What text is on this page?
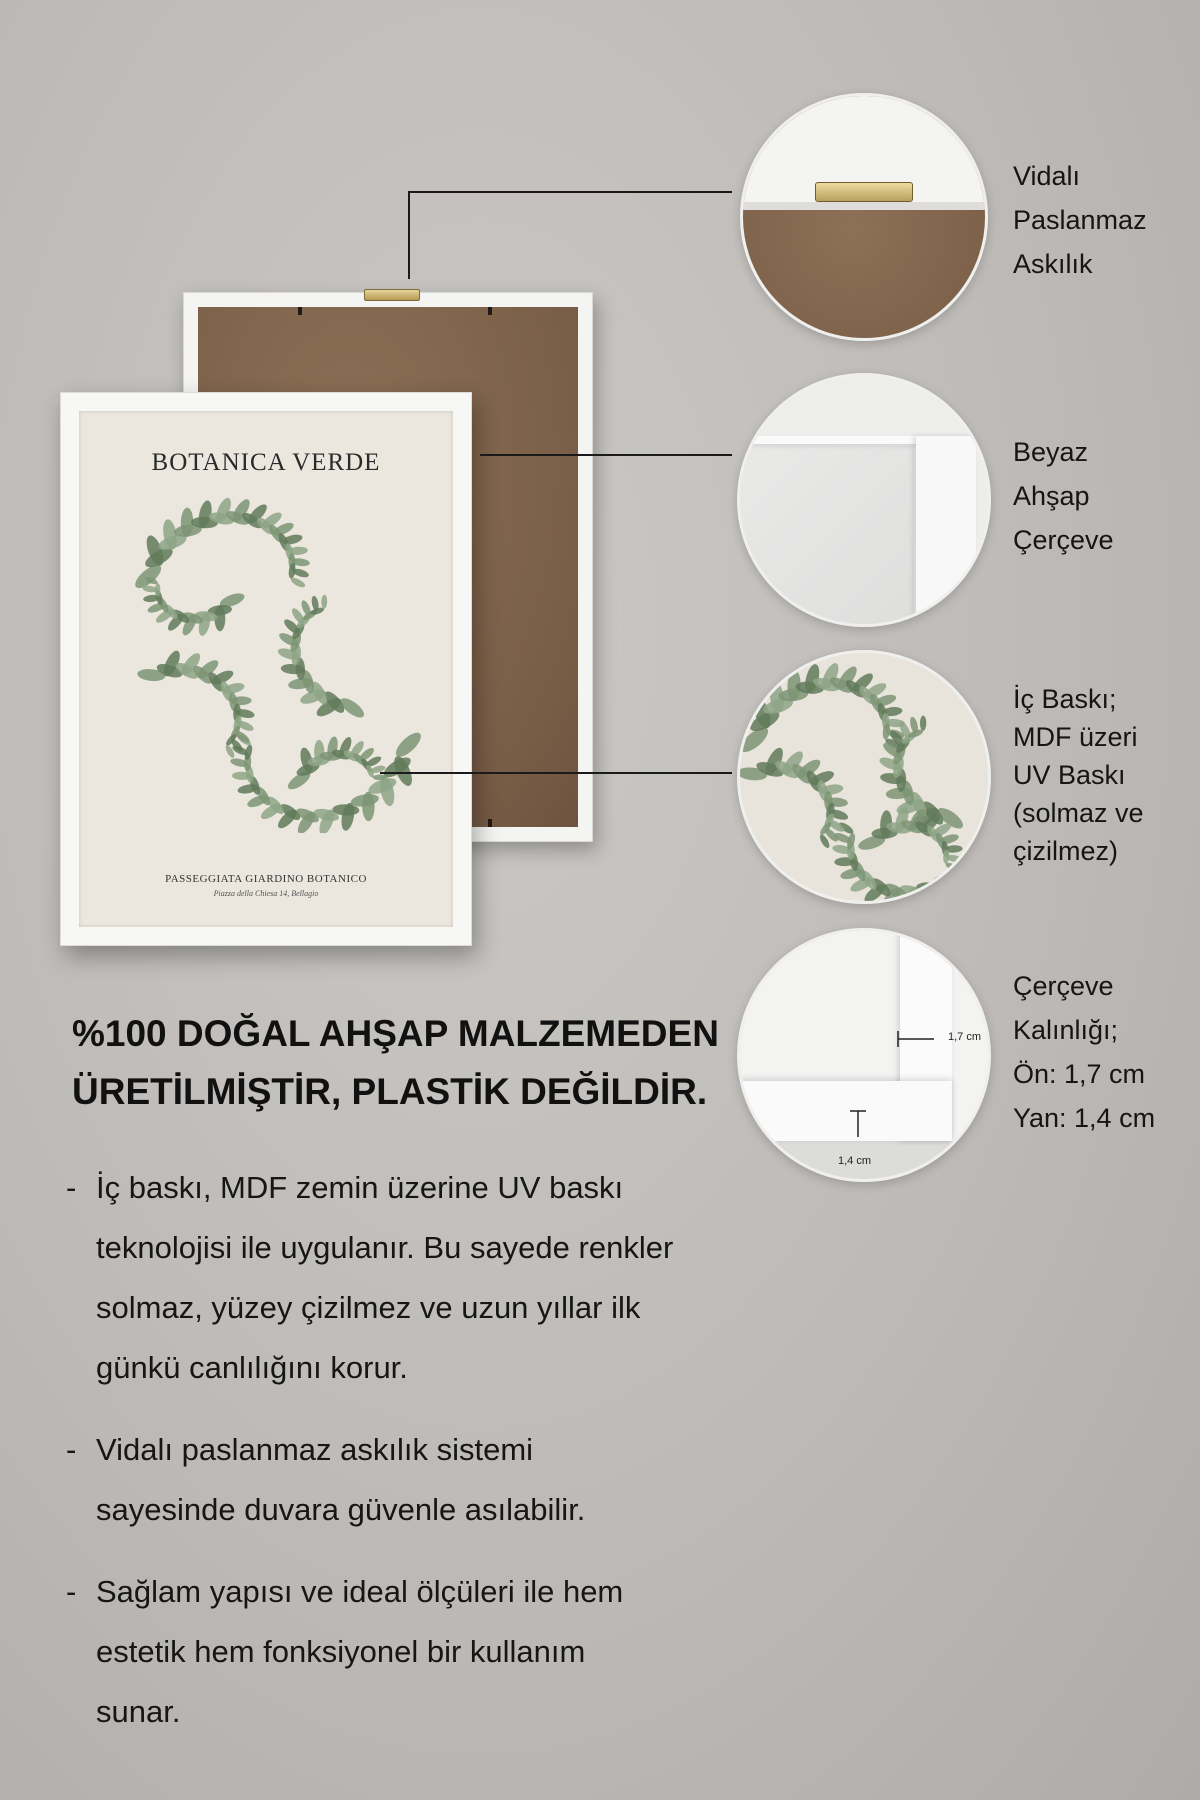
BOTANICA VERDE
PASSEGGIATA GIARDINO BOTANICO
Piazza della Chiesa 14, Bellagio
1,7 cm
1,4 cm
Vidalı
Paslanmaz
Askılık
Beyaz
Ahşap
Çerçeve
İç Baskı;
MDF üzeri
UV Baskı
(solmaz ve
çizilmez)
Çerçeve
Kalınlığı;
Ön: 1,7 cm
Yan: 1,4 cm
%100 DOĞAL AHŞAP MALZEMEDEN
ÜRETİLMİŞTİR, PLASTİK DEĞİLDİR.
- İç baskı, MDF zemin üzerine UV baskı
teknolojisi ile uygulanır. Bu sayede renkler
solmaz, yüzey çizilmez ve uzun yıllar ilk
günkü canlılığını korur.
- Vidalı paslanmaz askılık sistemi
sayesinde duvara güvenle asılabilir.
- Sağlam yapısı ve ideal ölçüleri ile hem
estetik hem fonksiyonel bir kullanım
sunar.
